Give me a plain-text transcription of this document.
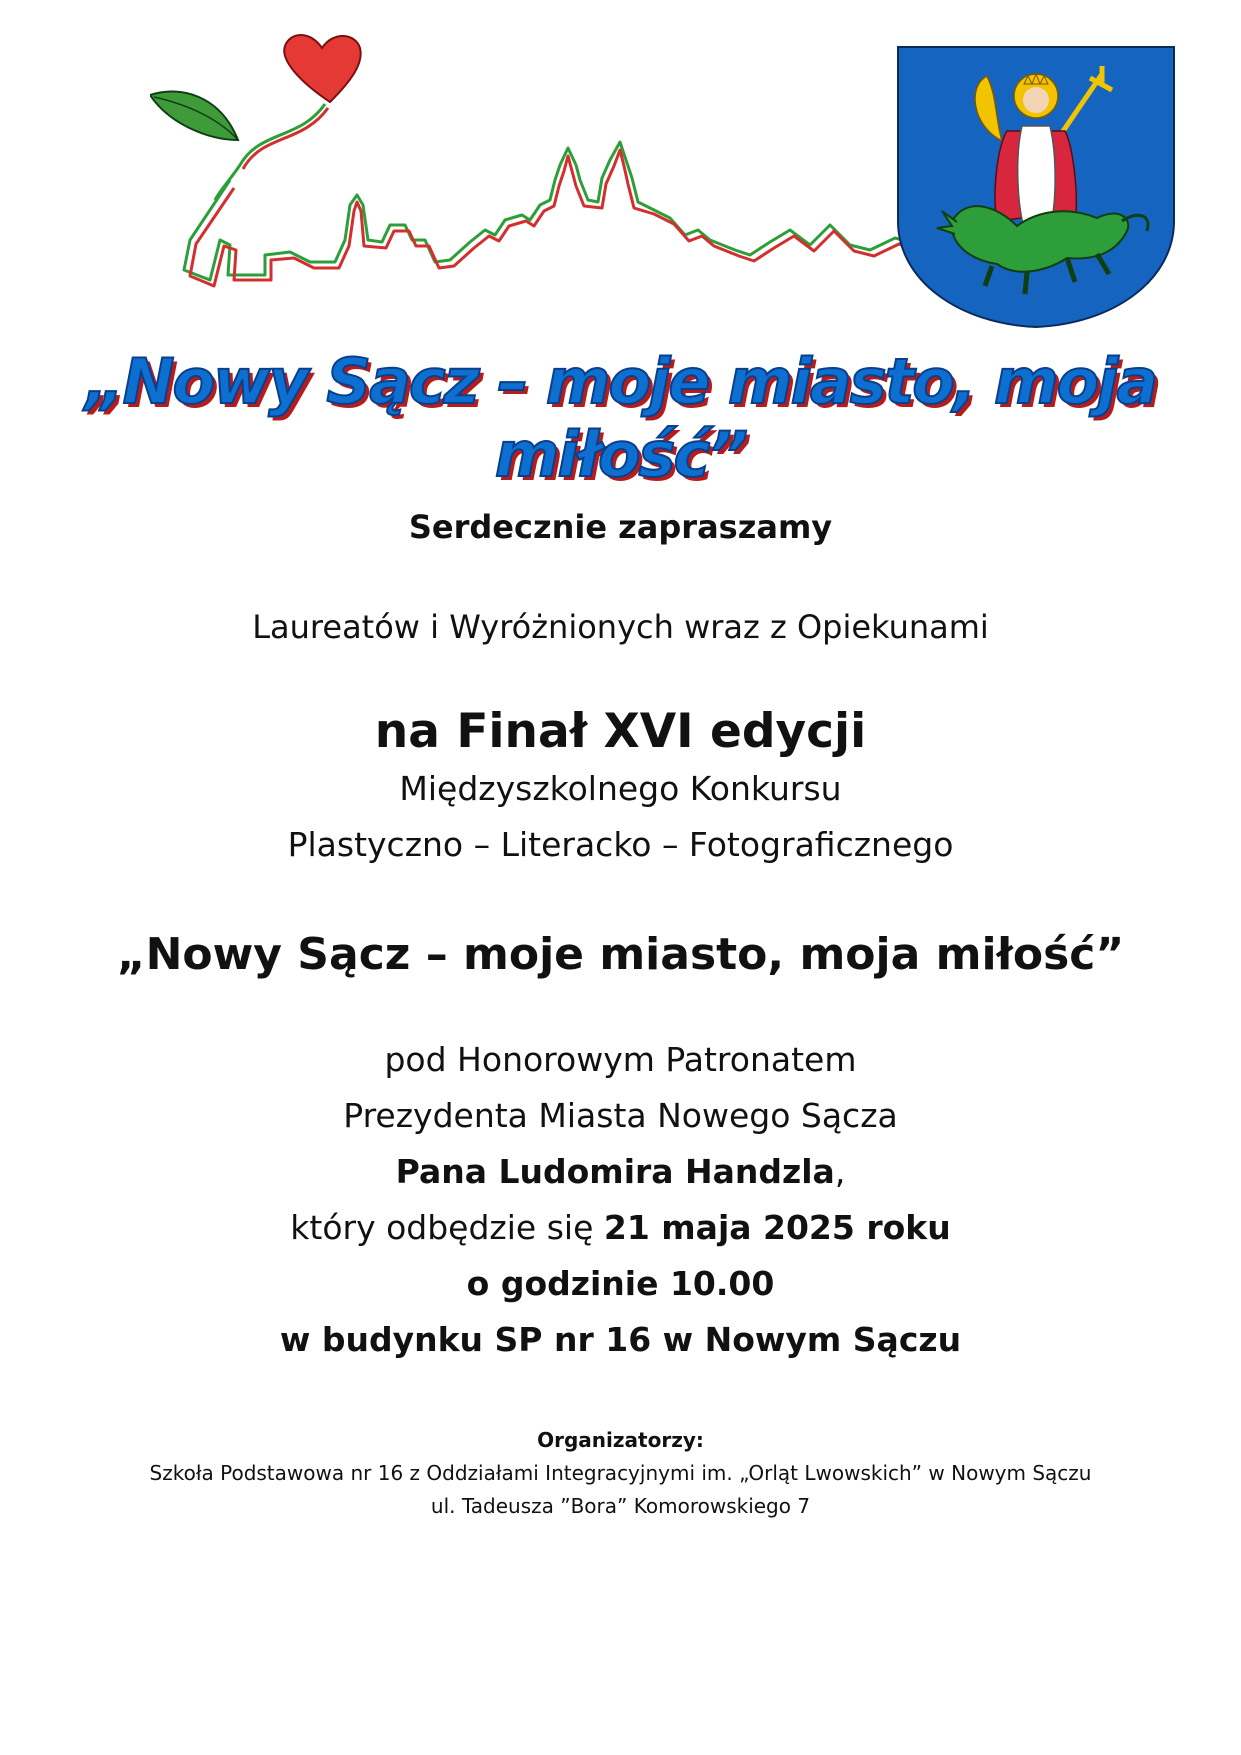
„Nowy Sącz – moje miasto, moja miłość”
Serdecznie zapraszamy
Laureatów i Wyróżnionych wraz z Opiekunami
na Finał XVI edycji
Międzyszkolnego Konkursu
Plastyczno – Literacko – Fotograficznego
„Nowy Sącz – moje miasto, moja miłość”
pod Honorowym Patronatem
Prezydenta Miasta Nowego Sącza
Pana Ludomira Handzla,
który odbędzie się 21 maja 2025 roku
o godzinie 10.00
w budynku SP nr 16 w Nowym Sączu
Organizatorzy:
Szkoła Podstawowa nr 16 z Oddziałami Integracyjnymi im. „Orląt Lwowskich” w Nowym Sączu
ul. Tadeusza ”Bora” Komorowskiego 7
